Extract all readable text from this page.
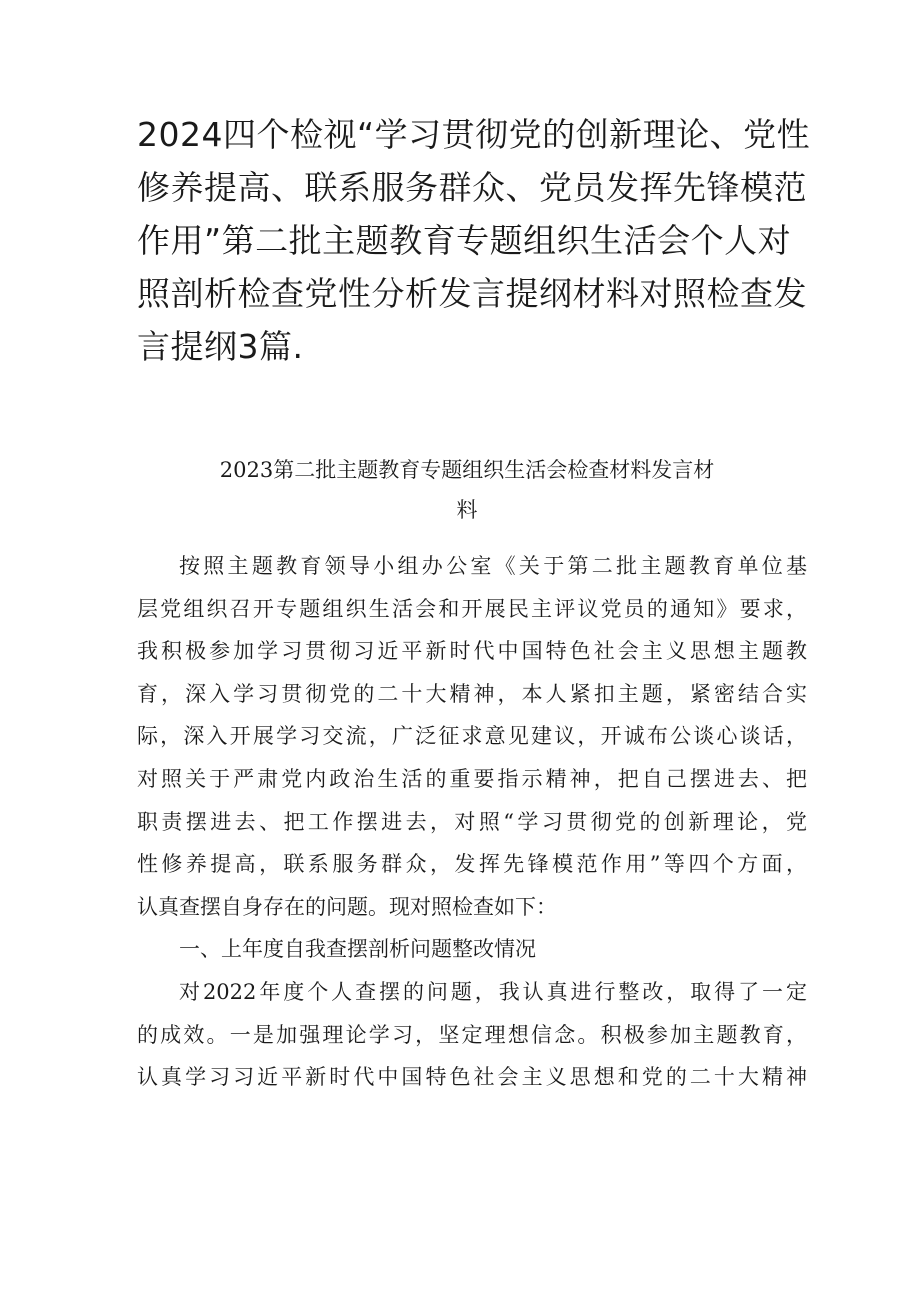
2024四个检视“学习贯彻党的创新理论、党性
修养提高、联系服务群众、党员发挥先锋模范
作用”第二批主题教育专题组织生活会个人对
照剖析检查党性分析发言提纲材料对照检查发
言提纲3篇.
2023第二批主题教育专题组织生活会检查材料发言材
料
按照主题教育领导小组办公室《关于第二批主题教育单位基
层党组织召开专题组织生活会和开展民主评议党员的通知》要求，
我积极参加学习贯彻习近平新时代中国特色社会主义思想主题教
育，深入学习贯彻党的二十大精神，本人紧扣主题，紧密结合实
际，深入开展学习交流，广泛征求意见建议，开诚布公谈心谈话，
对照关于严肃党内政治生活的重要指示精神，把自己摆进去、把
职责摆进去、把工作摆进去，对照“学习贯彻党的创新理论，党
性修养提高，联系服务群众，发挥先锋模范作用”等四个方面，
认真查摆自身存在的问题。现对照检查如下：
一、上年度自我查摆剖析问题整改情况
对2022年度个人查摆的问题，我认真进行整改，取得了一定
的成效。一是加强理论学习，坚定理想信念。积极参加主题教育，
认真学习习近平新时代中国特色社会主义思想和党的二十大精神
